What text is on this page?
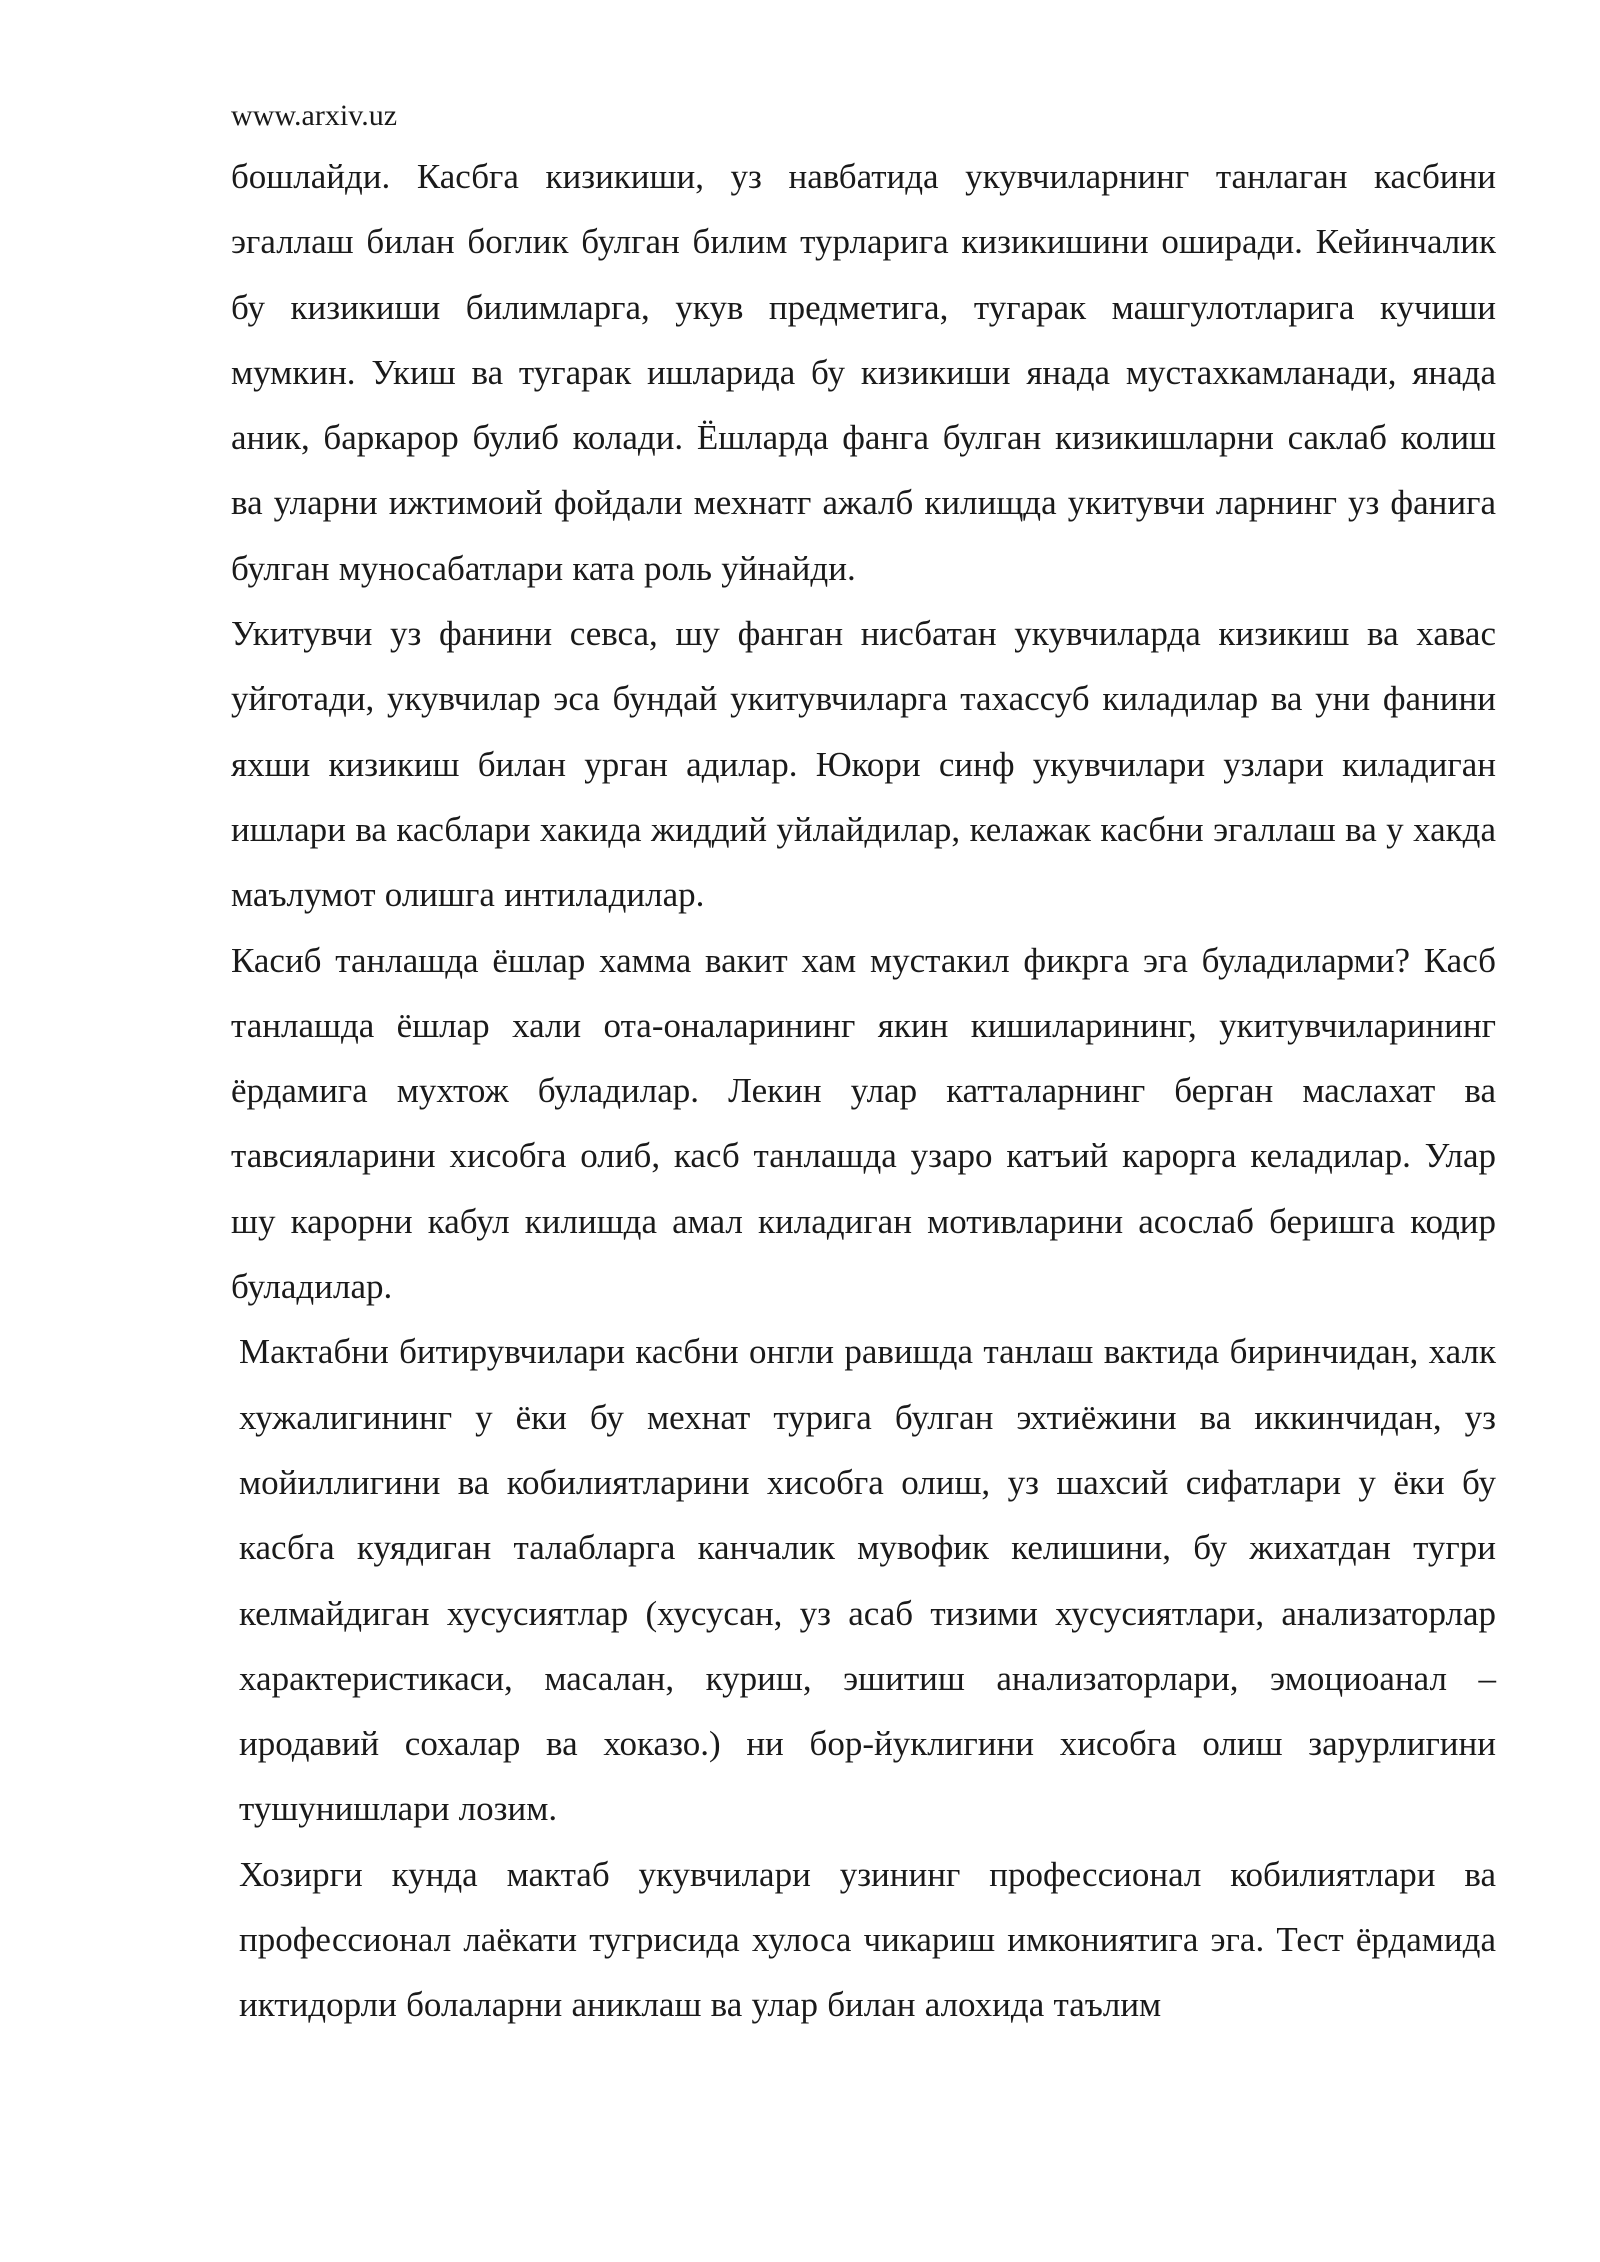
www.arxiv.uz

бошлайди. Касбга кизикиши, уз навбатида укувчиларнинг танлаган касбини эгаллаш билан боглик булган билим турларига кизикишини оширади. Кейинчалик бу кизикиши билимларга, укув предметига, тугарак машгулотларига кучиши мумкин. Укиш ва тугарак ишларида бу кизикиши янада мустахкамланади, янада аник, баркарор булиб колади. Ёшларда фанга булган кизикишларни саклаб колиш ва уларни ижтимоий фойдали мехнатг ажалб килищда укитувчи ларнинг уз фанига булган муносабатлари ката роль уйнайди.

Укитувчи уз фанини севса, шу фанган нисбатан укувчиларда кизикиш ва хавас уйготади, укувчилар эса бундай укитувчиларга тахассуб киладилар ва уни фанини яхши кизикиш билан урган адилар. Юкори синф укувчилари узлари киладиган ишлари ва касблари хакида жиддий уйлайдилар, келажак касбни эгаллаш ва у хакда маълумот олишга интиладилар.

Касиб танлашда ёшлар хамма вакит хам мустакил фикрга эга буладиларми? Касб танлашда ёшлар хали ота-оналарининг якин кишиларининг, укитувчиларининг ёрдамига мухтож буладилар. Лекин улар катталарнинг берган маслахат ва тавсияларини хисобга олиб, касб танлашда узаро катъий карорга келадилар. Улар шу карорни кабул килишда амал киладиган мотивларини асослаб беришга кодир буладилар.

Мактабни битирувчилари касбни онгли равишда танлаш вактида биринчидан, халк хужалигининг у ёки бу мехнат турига булган эхтиёжини ва иккинчидан, уз мойиллигини ва кобилиятларини хисобга олиш, уз шахсий сифатлари у ёки бу касбга куядиган талабларга канчалик мувофик келишини, бу жихатдан тугри келмайдиган хусусиятлар (хусусан, уз асаб тизими хусусиятлари, анализаторлар характеристикаси, масалан, куриш, эшитиш анализаторлари, эмоциоанал –иродавий сохалар ва хоказо.) ни бор-йуклигини хисобга олиш зарурлигини тушунишлари лозим.

Хозирги кунда мактаб укувчилари узининг профессионал кобилиятлари ва профессионал лаёкати тугрисида хулоса чикариш имкониятига эга. Тест ёрдамида иктидорли болаларни аниклаш ва улар билан алохида таълим
